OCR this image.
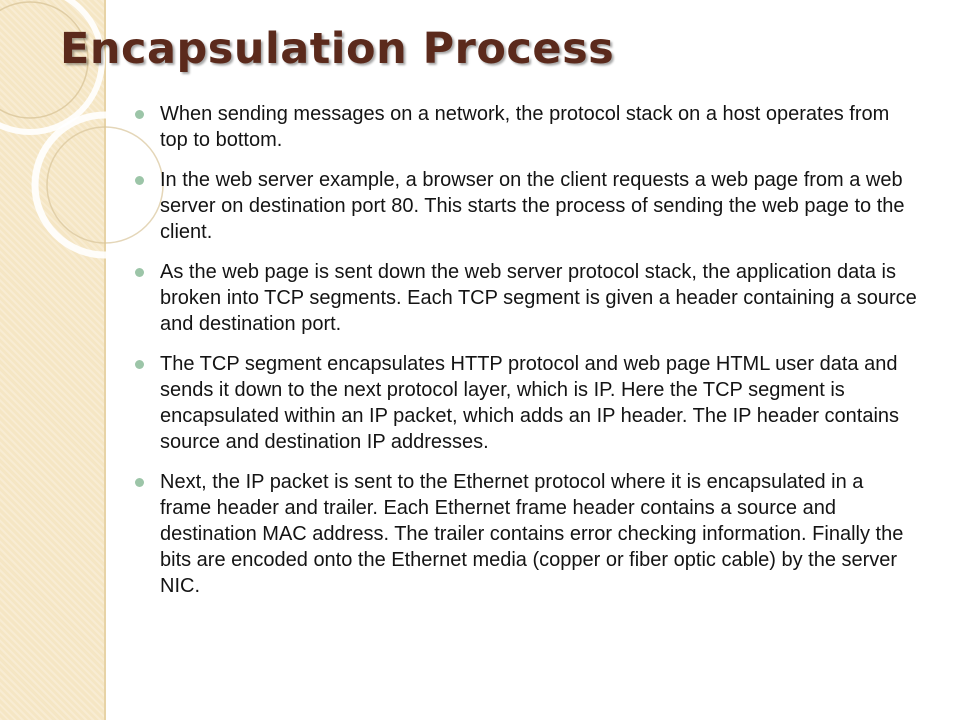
Encapsulation Process
When sending messages on a network, the protocol stack on a host operates from top to bottom.
In the web server example, a browser on the client requests a web page from a web server on destination port 80. This starts the process of sending the web page to the client.
As the web page is sent down the web server protocol stack, the application data is broken into TCP segments. Each TCP segment is given a header containing a source and destination port.
The TCP segment encapsulates HTTP protocol and web page HTML user data and sends it down to the next protocol layer, which is IP. Here the TCP segment is encapsulated within an IP packet, which adds an IP header. The IP header contains source and destination IP addresses.
Next, the IP packet is sent to the Ethernet protocol where it is encapsulated in a frame header and trailer. Each Ethernet frame header contains a source and destination MAC address. The trailer contains error checking information. Finally the bits are encoded onto the Ethernet media (copper or fiber optic cable) by the server NIC.
